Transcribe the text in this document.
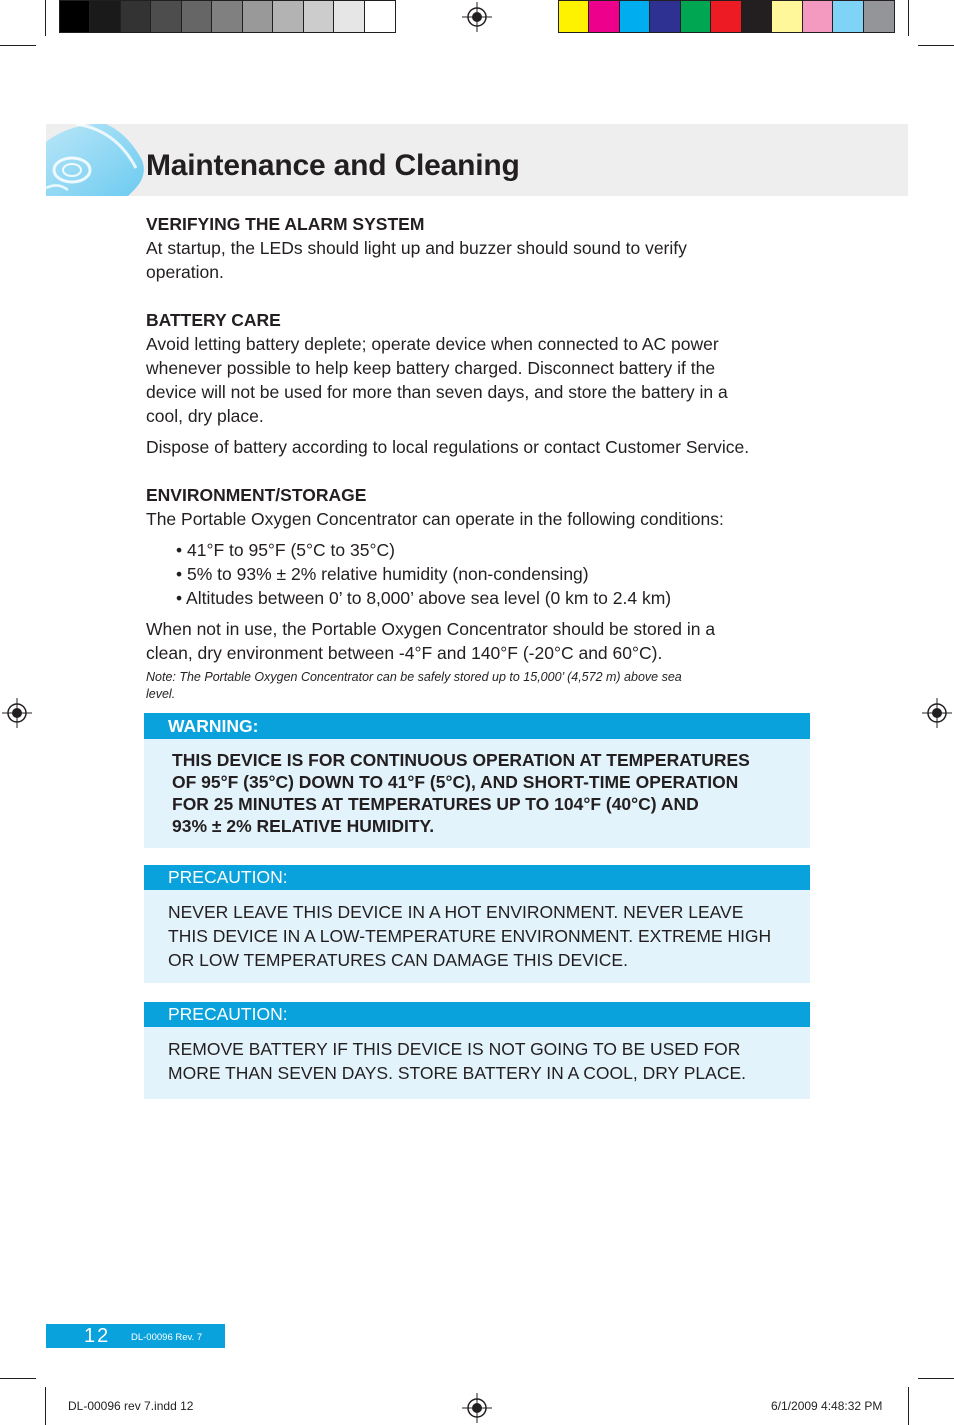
Maintenance and Cleaning
VERIFYING THE ALARM SYSTEM
At startup, the LEDs should light up and buzzer should sound to verify
operation.
BATTERY CARE
Avoid letting battery deplete; operate device when connected to AC power
whenever possible to help keep battery charged. Disconnect battery if the
device will not be used for more than seven days, and store the battery in a
cool, dry place.
Dispose of battery according to local regulations or contact Customer Service.
ENVIRONMENT/STORAGE
The Portable Oxygen Concentrator can operate in the following conditions:
• 41°F to 95°F (5°C to 35°C)
• 5% to 93% ± 2% relative humidity (non-condensing)
• Altitudes between 0’ to 8,000’ above sea level (0 km to 2.4 km)
When not in use, the Portable Oxygen Concentrator should be stored in a
clean, dry environment between -4°F and 140°F (-20°C and 60°C).
Note: The Portable Oxygen Concentrator can be safely stored up to 15,000’ (4,572 m) above sea
level.
WARNING:
THIS DEVICE IS FOR CONTINUOUS OPERATION AT TEMPERATURES
OF 95°F (35°C) DOWN TO 41°F (5°C), AND SHORT-TIME OPERATION
FOR 25 MINUTES AT TEMPERATURES UP TO 104°F (40°C) AND
93% ± 2% RELATIVE HUMIDITY.
PRECAUTION:
NEVER LEAVE THIS DEVICE IN A HOT ENVIRONMENT. NEVER LEAVE
THIS DEVICE IN A LOW-TEMPERATURE ENVIRONMENT. EXTREME HIGH
OR LOW TEMPERATURES CAN DAMAGE THIS DEVICE.
PRECAUTION:
REMOVE BATTERY IF THIS DEVICE IS NOT GOING TO BE USED FOR
MORE THAN SEVEN DAYS. STORE BATTERY IN A COOL, DRY PLACE.
12 DL-00096 Rev. 7
DL-00096 rev 7.indd 12	6/1/2009 4:48:32 PM
